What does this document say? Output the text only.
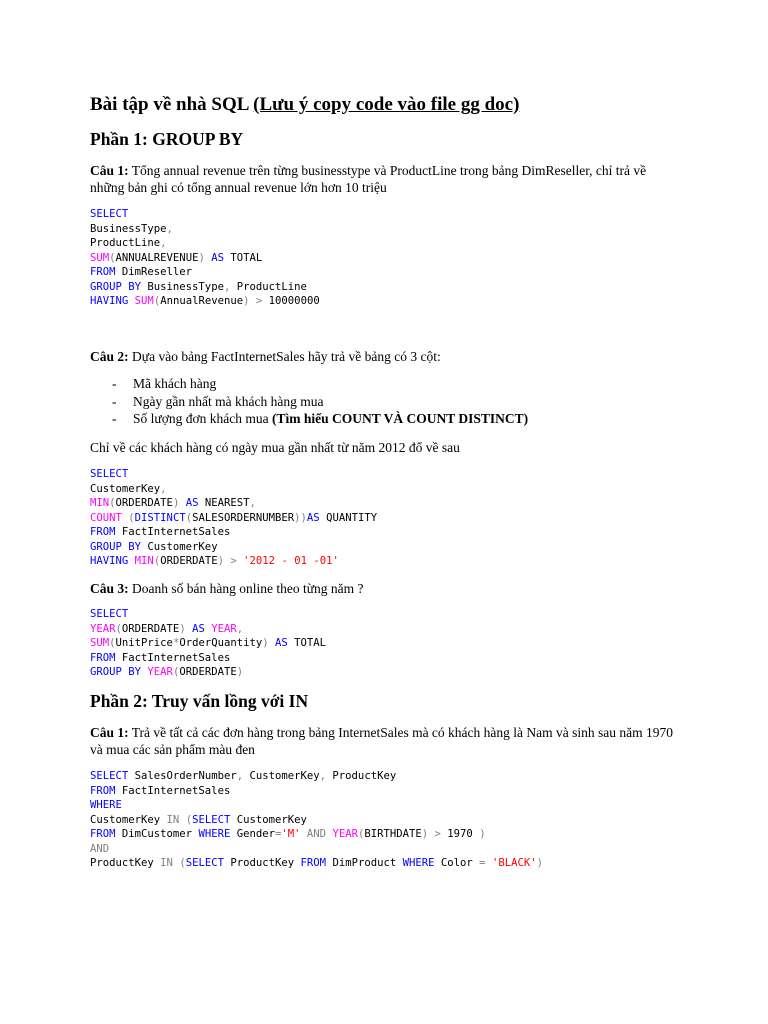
Bài tập về nhà SQL (Lưu ý copy code vào file gg doc)
Phần 1: GROUP BY
Câu 1: Tổng annual revenue trên từng businesstype và ProductLine trong bảng DimReseller, chỉ trả về những bản ghi có tổng annual revenue lớn hơn 10 triệu
SELECT
BusinessType,
ProductLine,
SUM(ANNUALREVENUE) AS TOTAL
FROM DimReseller
GROUP BY BusinessType, ProductLine
HAVING SUM(AnnualRevenue) > 10000000
Câu 2: Dựa vào bảng FactInternetSales hãy trả về bảng có 3 cột:
- Mã khách hàng
- Ngày gần nhất mà khách hàng mua
- Số lượng đơn khách mua (Tìm hiểu COUNT VÀ COUNT DISTINCT)
Chỉ về các khách hàng có ngày mua gần nhất từ năm 2012 đổ về sau
SELECT
CustomerKey,
MIN(ORDERDATE) AS NEAREST,
COUNT (DISTINCT(SALESORDERNUMBER))AS QUANTITY
FROM FactInternetSales
GROUP BY CustomerKey
HAVING MIN(ORDERDATE) > '2012 - 01 -01'
Câu 3: Doanh số bán hàng online theo từng năm ?
SELECT
YEAR(ORDERDATE) AS YEAR,
SUM(UnitPrice*OrderQuantity) AS TOTAL
FROM FactInternetSales
GROUP BY YEAR(ORDERDATE)
Phần 2: Truy vấn lồng với IN
Câu 1: Trả về tất cả các đơn hàng trong bảng InternetSales mà có khách hàng là Nam và sinh sau năm 1970 và mua các sản phẩm màu đen
SELECT SalesOrderNumber, CustomerKey, ProductKey
FROM FactInternetSales
WHERE
CustomerKey IN (SELECT CustomerKey
FROM DimCustomer WHERE Gender='M' AND YEAR(BIRTHDATE) > 1970 )
AND
ProductKey IN (SELECT ProductKey FROM DimProduct WHERE Color = 'BLACK')
